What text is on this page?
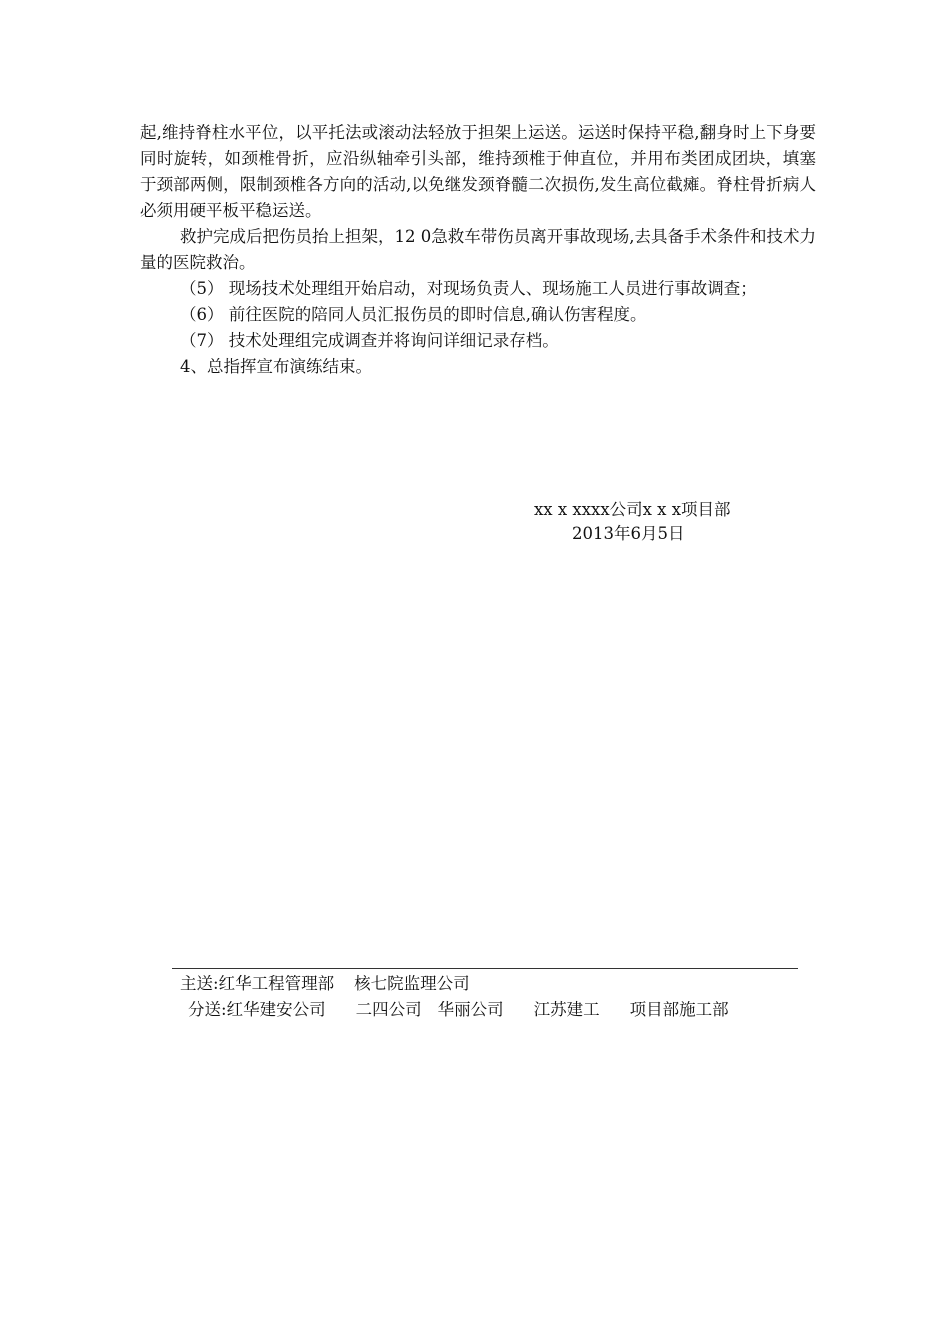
起,维持脊柱水平位，以平托法或滚动法轻放于担架上运送。运送时保持平稳,翻身时上下身要同时旋转，如颈椎骨折，应沿纵轴牵引头部，维持颈椎于伸直位，并用布类团成团块，填塞于颈部两侧，限制颈椎各方向的活动,以免继发颈脊髓二次损伤,发生高位截瘫。脊柱骨折病人必须用硬平板平稳运送。

救护完成后把伤员抬上担架，12 0急救车带伤员离开事故现场,去具备手术条件和技术力量的医院救治。

（5） 现场技术处理组开始启动，对现场负责人、现场施工人员进行事故调查；

（6） 前往医院的陪同人员汇报伤员的即时信息,确认伤害程度。

（7） 技术处理组完成调查并将询问详细记录存档。

4、总指挥宣布演练结束。

xx x xxxx公司x x x项目部
2013年6月5日
主送:红华工程管理部 核七院监理公司
分送:红华建安公司 二四公司 华丽公司 江苏建工 项目部施工部
